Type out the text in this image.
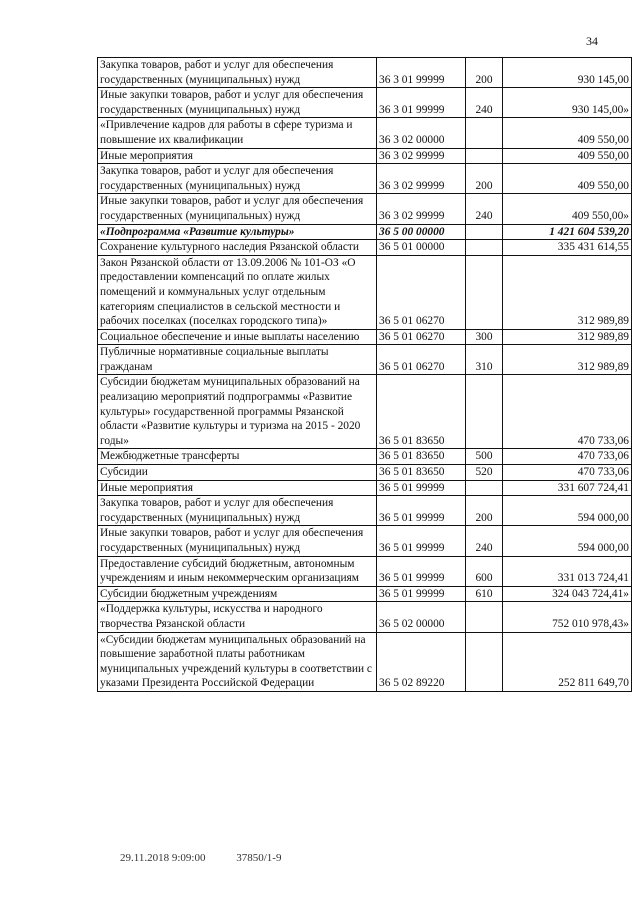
34
Закупка товаров, работ и услуг для обеспечения государственных (муниципальных) нужд	36 3 01 99999	200	930 145,00
Иные закупки товаров, работ и услуг для обеспечения государственных (муниципальных) нужд	36 3 01 99999	240	930 145,00»
«Привлечение кадров для работы в сфере туризма и повышение их квалификации	36 3 02 00000		409 550,00
Иные мероприятия	36 3 02 99999		409 550,00
Закупка товаров, работ и услуг для обеспечения государственных (муниципальных) нужд	36 3 02 99999	200	409 550,00
Иные закупки товаров, работ и услуг для обеспечения государственных (муниципальных) нужд	36 3 02 99999	240	409 550,00»
«Подпрограмма «Развитие культуры»	36 5 00 00000		1 421 604 539,20
Сохранение культурного наследия Рязанской области	36 5 01 00000		335 431 614,55
Закон Рязанской области от 13.09.2006 № 101-ОЗ «О предоставлении компенсаций по оплате жилых помещений и коммунальных услуг отдельным категориям специалистов в сельской местности и рабочих поселках (поселках городского типа)»	36 5 01 06270		312 989,89
Социальное обеспечение и иные выплаты населению	36 5 01 06270	300	312 989,89
Публичные нормативные социальные выплаты гражданам	36 5 01 06270	310	312 989,89
Субсидии бюджетам муниципальных образований на реализацию мероприятий подпрограммы «Развитие культуры» государственной программы Рязанской области «Развитие культуры и туризма на 2015 - 2020 годы»	36 5 01 83650		470 733,06
Межбюджетные трансферты	36 5 01 83650	500	470 733,06
Субсидии	36 5 01 83650	520	470 733,06
Иные мероприятия	36 5 01 99999		331 607 724,41
Закупка товаров, работ и услуг для обеспечения государственных (муниципальных) нужд	36 5 01 99999	200	594 000,00
Иные закупки товаров, работ и услуг для обеспечения государственных (муниципальных) нужд	36 5 01 99999	240	594 000,00
Предоставление субсидий бюджетным, автономным учреждениям и иным некоммерческим организациям	36 5 01 99999	600	331 013 724,41
Субсидии бюджетным учреждениям	36 5 01 99999	610	324 043 724,41»
«Поддержка культуры, искусства и народного творчества Рязанской области	36 5 02 00000		752 010 978,43»
«Субсидии бюджетам муниципальных образований на повышение заработной платы работникам муниципальных учреждений культуры в соответствии с указами Президента Российской Федерации	36 5 02 89220		252 811 649,70
29.11.2018 9:09:00	37850/1-9
